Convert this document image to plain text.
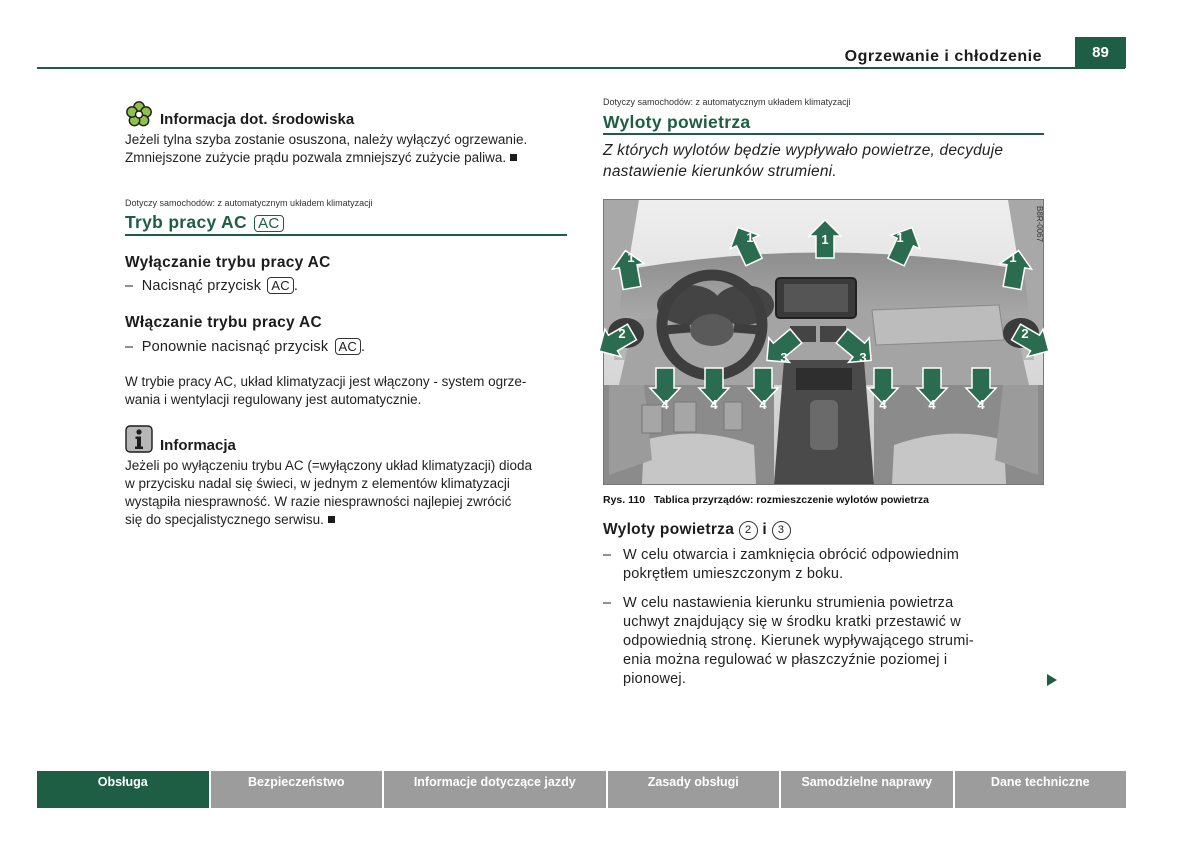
Ogrzewanie i chłodzenie	89
Informacja dot. środowiska
Jeżeli tylna szyba zostanie osuszona, należy wyłączyć ogrzewanie.
Zmniejszone zużycie prądu pozwala zmniejszyć zużycie paliwa.
Dotyczy samochodów: z automatycznym układem klimatyzacji
Tryb pracy AC AC
Wyłączanie trybu pracy AC
– Nacisnąć przycisk AC .
Włączanie trybu pracy AC
– Ponownie nacisnąć przycisk AC .
W trybie pracy AC, układ klimatyzacji jest włączony - system ogrze-
wania i wentylacji regulowany jest automatycznie.
Informacja
Jeżeli po wyłączeniu trybu AC (=wyłączony układ klimatyzacji) dioda
w przycisku nadal się świeci, w jednym z elementów klimatyzacji
wystąpiła niesprawność. W razie niesprawności najlepiej zwrócić
się do specjalistycznego serwisu.
Dotyczy samochodów: z automatycznym układem klimatyzacji
Wyloty powietrza
Z których wylotów będzie wypływało powietrze, decyduje
nastawienie kierunków strumieni.
1
1	1	1
1
2	2
3	3
4	4	4	4	4	4
B8R-0067
Rys. 110 Tablica przyrządów: rozmieszczenie wylotów powietrza
Wyloty powietrza 2 i 3
– W celu otwarcia i zamknięcia obrócić odpowiednim
pokrętłem umieszczonym z boku.
– W celu nastawienia kierunku strumienia powietrza
uchwyt znajdujący się w środku kratki przestawić w
odpowiednią stronę. Kierunek wypływającego strumi-
enia można regulować w płaszczyźnie poziomej i
pionowej.
Obsługa	Bezpieczeństwo	Informacje dotyczące jazdy	Zasady obsługi	Samodzielne naprawy	Dane techniczne
